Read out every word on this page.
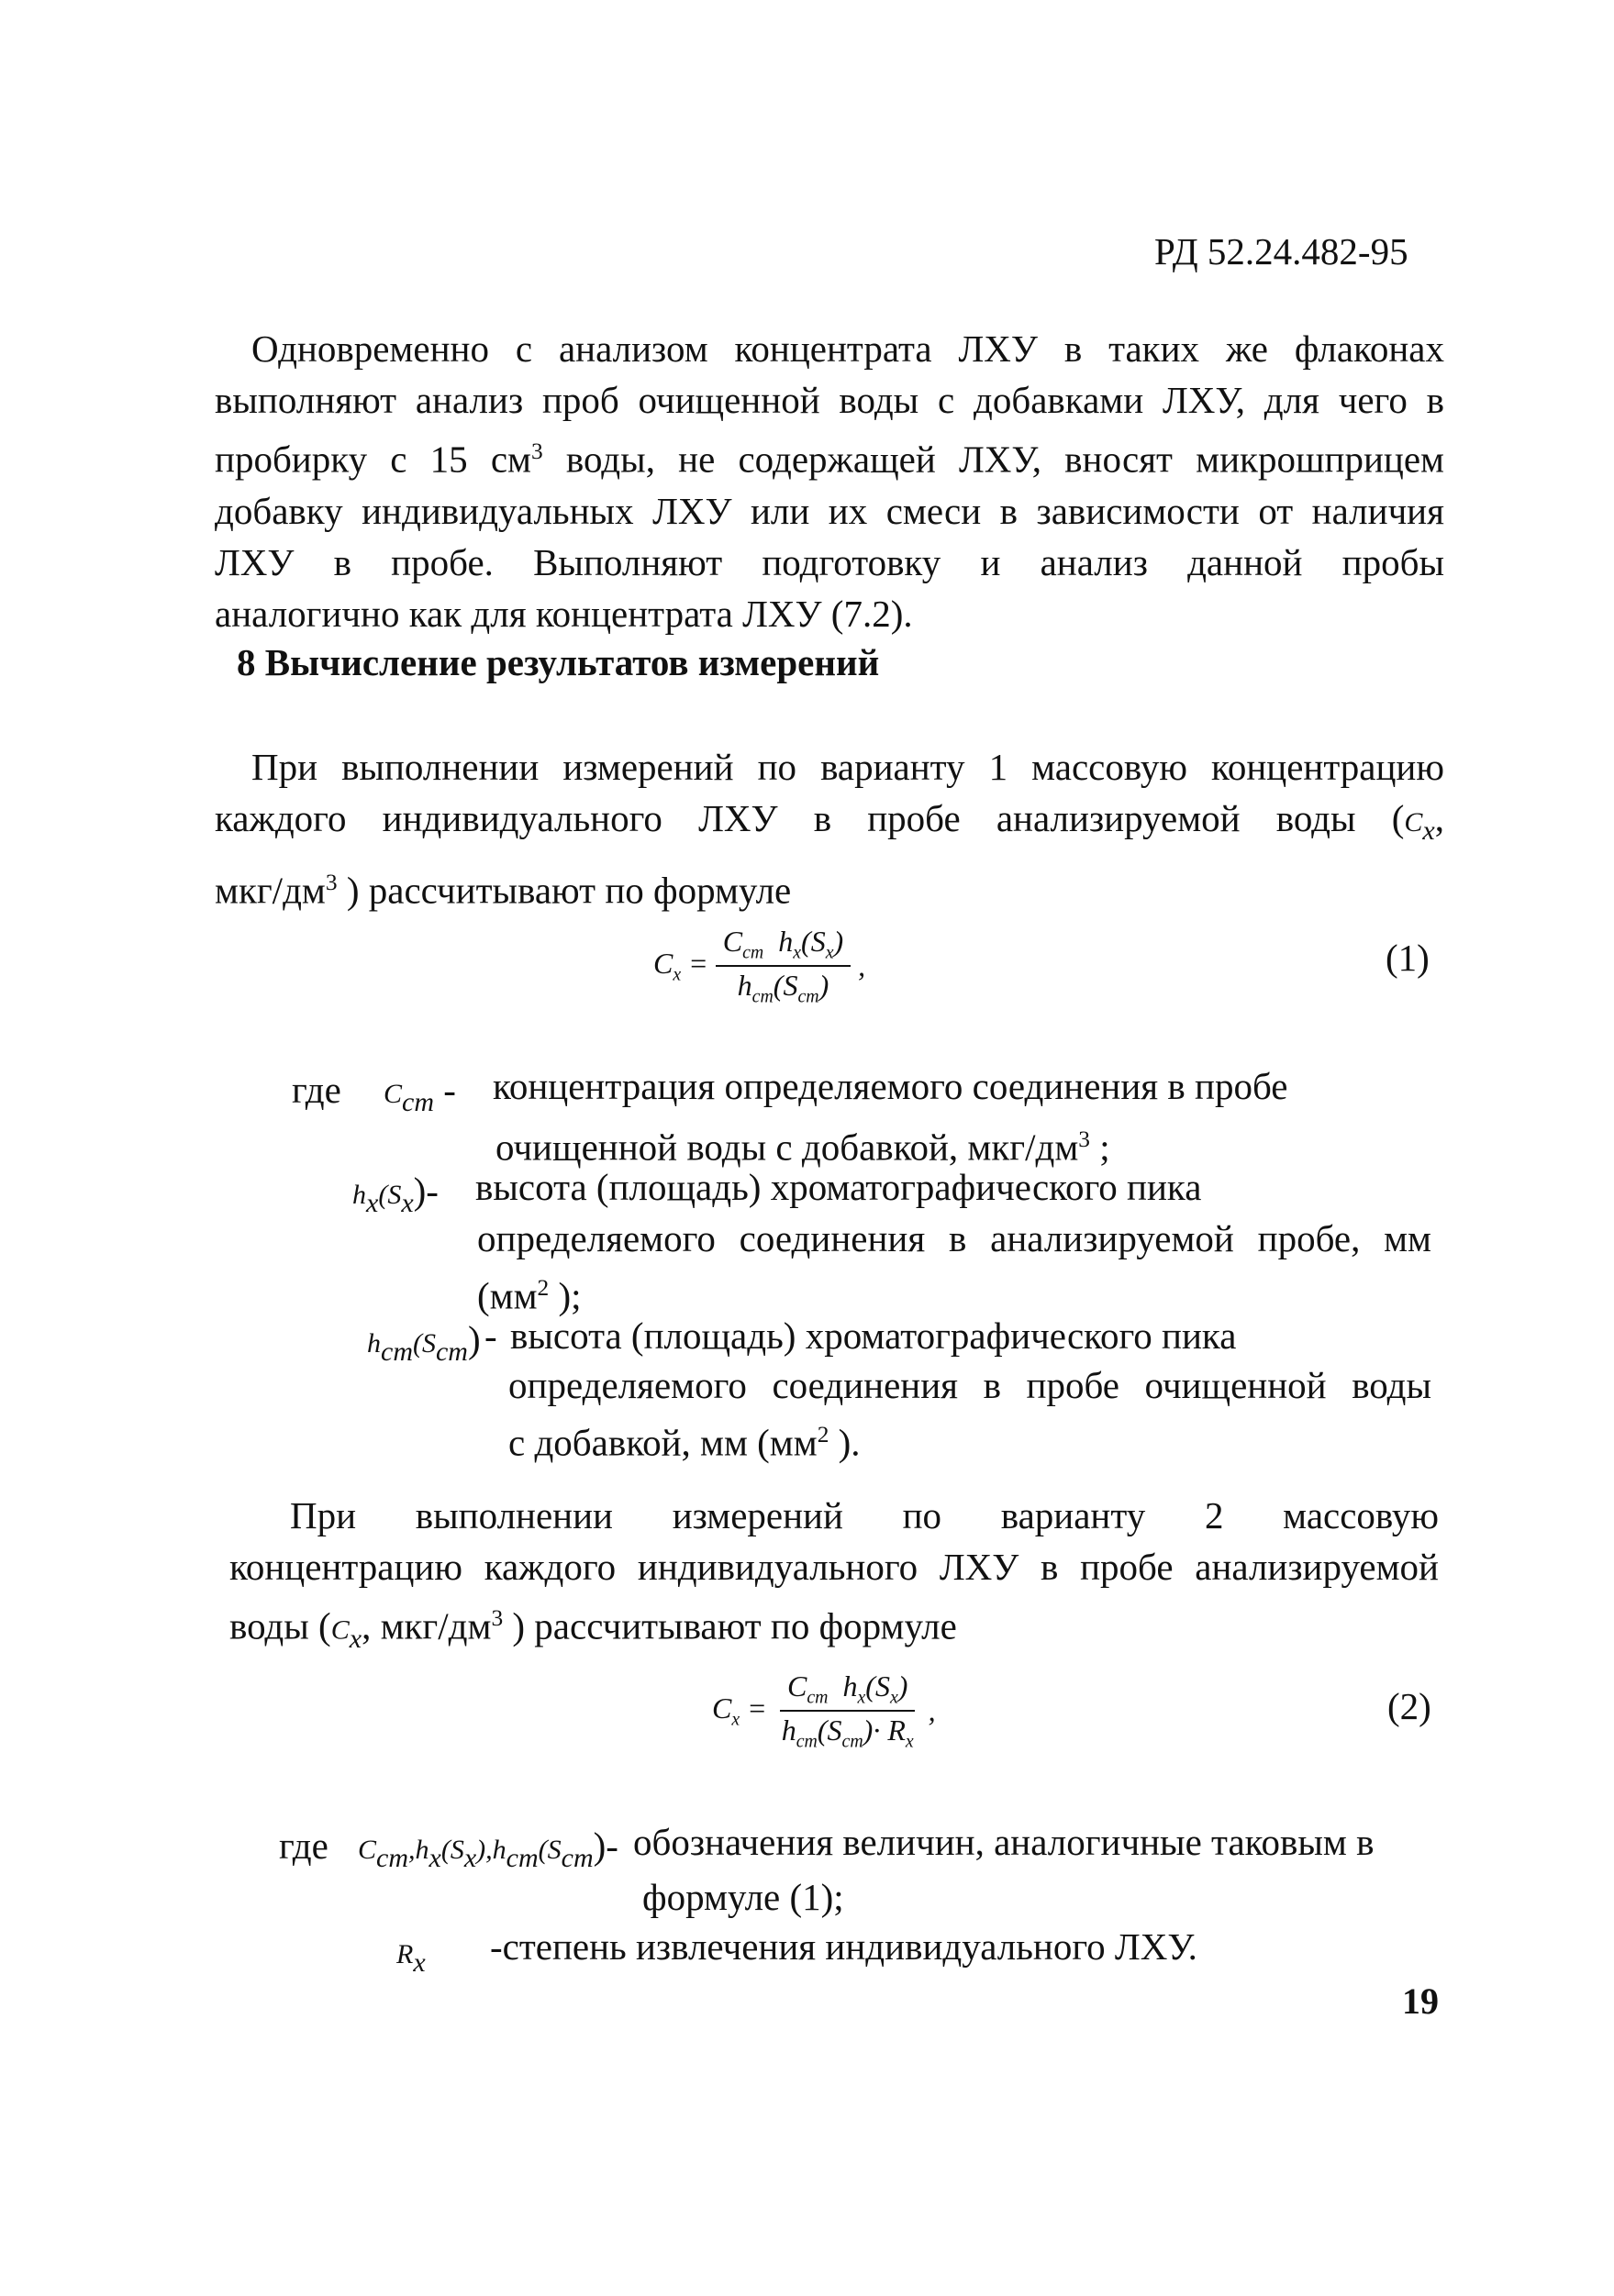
РД 52.24.482-95
Одновременно с анализом концентрата ЛХУ в таких же флаконах
выполняют анализ проб очищенной воды с добавками ЛХУ, для чего в
пробирку с 15 $см^3$ воды, не содержащей ЛХУ, вносят микрошприцем
добавку индивидуальных ЛХУ или их смеси в зависимости от наличия
ЛХУ в пробе. Выполняют подготовку и анализ данной пробы
аналогично как для концентрата ЛХУ (7.2).
8 Вычисление результатов измерений
При выполнении измерений по варианту 1 массовую концентрацию
каждого индивидуального ЛХУ в пробе анализируемой воды ($C_x$,
мкг/$дм^3$ ) рассчитывают по формуле
$C_x = \frac{C_{cm} h_x(S_x)}{h_{cm}(S_{cm})}$ ,	(1)
где $C_{cm}$ - концентрация определяемого соединения в пробе
очищенной воды с добавкой, мкг/$дм^3$ ;
$h_x(S_x)-$ высота (площадь) хроматографического пика
определяемого соединения в анализируемой пробе, мм
($мм^2$ );
$h_{cm}(S_{cm})$ - высота (площадь) хроматографического пика
определяемого соединения в пробе очищенной воды
с добавкой, мм ($мм^2$ ).
При выполнении измерений по варианту 2 массовую
концентрацию каждого индивидуального ЛХУ в пробе анализируемой
воды ($C_x$, мкг/$дм^3$ ) рассчитывают по формуле
$C_x = \frac{C_{cm} h_x(S_x)}{h_{cm}(S_{cm})\cdot R_x}$ ,	(2)
где $C_{cm},h_x(S_x),h_{cm}(S_{cm})-$ обозначения величин, аналогичные таковым в
формуле (1);
$R_x$ -степень извлечения индивидуального ЛХУ.
19
